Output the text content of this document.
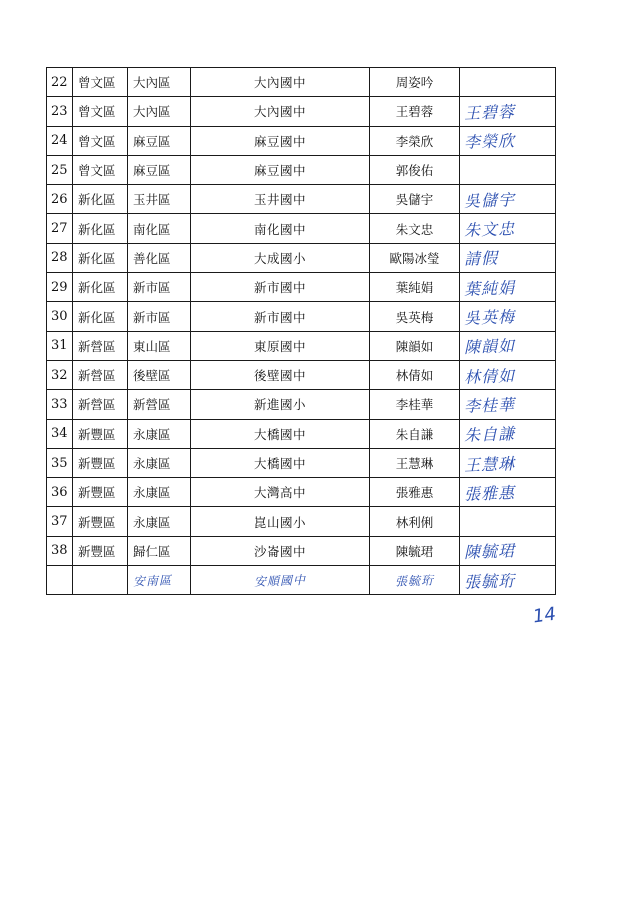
22	曾文區	大內區	大內國中	周姿吟	
23	曾文區	大內區	大內國中	王碧蓉	王碧蓉
24	曾文區	麻豆區	麻豆國中	李榮欣	李榮欣
25	曾文區	麻豆區	麻豆國中	郭俊佑	
26	新化區	玉井區	玉井國中	吳儲宇	吳儲宇
27	新化區	南化區	南化國中	朱文忠	朱文忠
28	新化區	善化區	大成國小	歐陽冰瑩	請假
29	新化區	新市區	新市國中	葉純娟	葉純娟
30	新化區	新市區	新市國中	吳英梅	吳英梅
31	新營區	東山區	東原國中	陳韻如	陳韻如
32	新營區	後壁區	後壁國中	林倩如	林倩如
33	新營區	新營區	新進國小	李桂華	李桂華
34	新豐區	永康區	大橋國中	朱自謙	朱自謙
35	新豐區	永康區	大橋國中	王慧琳	王慧琳
36	新豐區	永康區	大灣高中	張雅惠	張雅惠
37	新豐區	永康區	崑山國小	林利俐	
38	新豐區	歸仁區	沙崙國中	陳毓珺	陳毓珺
		安南區	安順國中	張毓珩	張毓珩
14
